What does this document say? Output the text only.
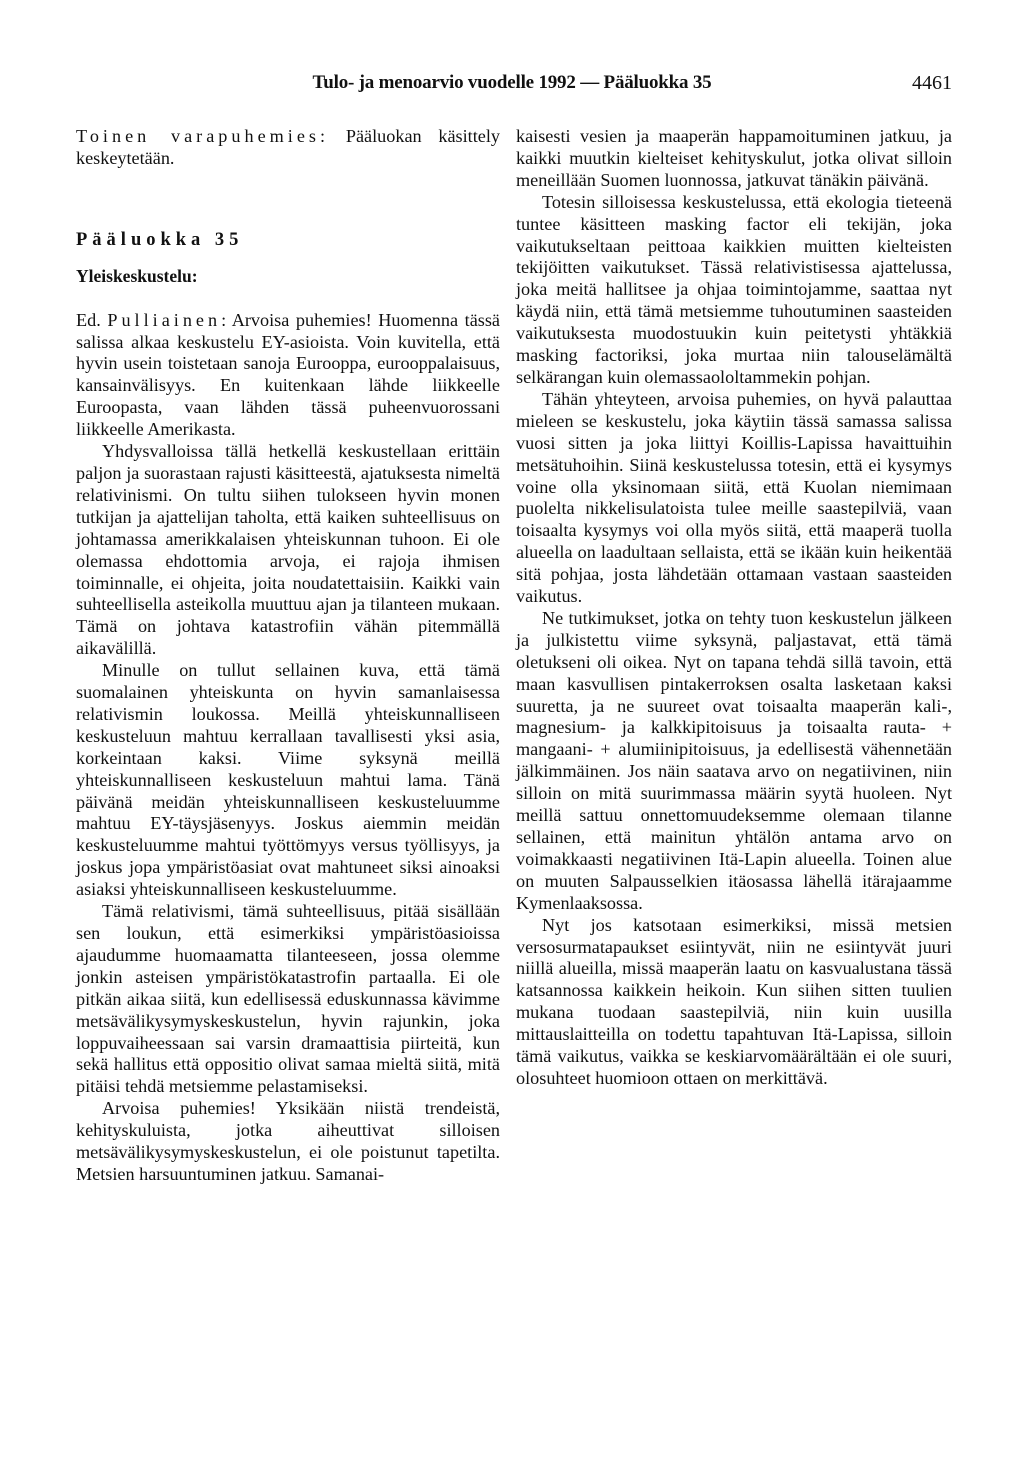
Tulo- ja menoarvio vuodelle 1992 — Pääluokka 35	4461

Toinen varapuhemies: Pääluokan käsittely keskeytetään.

Pääluokka 35
Yleiskeskustelu:

Ed. Pulliainen: Arvoisa puhemies! Huomenna tässä salissa alkaa keskustelu EY-asioista. Voin kuvitella, että hyvin usein toistetaan sanoja Eurooppa, eurooppalaisuus, kansainvälisyys. En kuitenkaan lähde liikkeelle Euroopasta, vaan lähden tässä puheenvuorossani liikkeelle Amerikasta.

Yhdysvalloissa tällä hetkellä keskustellaan erittäin paljon ja suorastaan rajusti käsitteestä, ajatuksesta nimeltä relativinismi. On tultu siihen tulokseen hyvin monen tutkijan ja ajattelijan taholta, että kaiken suhteellisuus on johtamassa amerikkalaisen yhteiskunnan tuhoon. Ei ole olemassa ehdottomia arvoja, ei rajoja ihmisen toiminnalle, ei ohjeita, joita noudatettaisiin. Kaikki vain suhteellisella asteikolla muuttuu ajan ja tilanteen mukaan. Tämä on johtava katastrofiin vähän pitemmällä aikavälillä.

Minulle on tullut sellainen kuva, että tämä suomalainen yhteiskunta on hyvin samanlaisessa relativismin loukossa. Meillä yhteiskunnalliseen keskusteluun mahtuu kerrallaan tavallisesti yksi asia, korkeintaan kaksi. Viime syksynä meillä yhteiskunnalliseen keskusteluun mahtui lama. Tänä päivänä meidän yhteiskunnalliseen keskusteluumme mahtuu EY-täysjäsenyys. Joskus aiemmin meidän keskusteluumme mahtui työttömyys versus työllisyys, ja joskus jopa ympäristöasiat ovat mahtuneet siksi ainoaksi asiaksi yhteiskunnalliseen keskusteluumme.

Tämä relativismi, tämä suhteellisuus, pitää sisällään sen loukun, että esimerkiksi ympäristöasioissa ajaudumme huomaamatta tilanteeseen, jossa olemme jonkin asteisen ympäristökatastrofin partaalla. Ei ole pitkän aikaa siitä, kun edellisessä eduskunnassa kävimme metsävälikysymyskeskustelun, hyvin rajunkin, joka loppuvaiheessaan sai varsin dramaattisia piirteitä, kun sekä hallitus että oppositio olivat samaa mieltä siitä, mitä pitäisi tehdä metsiemme pelastamiseksi.

Arvoisa puhemies! Yksikään niistä trendeistä, kehityskuluista, jotka aiheuttivat silloisen metsävälikysymyskeskustelun, ei ole poistunut tapetilta. Metsien harsuuntuminen jatkuu. Samanai-

kaisesti vesien ja maaperän happamoituminen jatkuu, ja kaikki muutkin kielteiset kehityskulut, jotka olivat silloin meneillään Suomen luonnossa, jatkuvat tänäkin päivänä.

Totesin silloisessa keskustelussa, että ekologia tieteenä tuntee käsitteen masking factor eli tekijän, joka vaikutukseltaan peittoaa kaikkien muitten kielteisten tekijöitten vaikutukset. Tässä relativistisessa ajattelussa, joka meitä hallitsee ja ohjaa toimintojamme, saattaa nyt käydä niin, että tämä metsiemme tuhoutuminen saasteiden vaikutuksesta muodostuukin kuin peitetysti yhtäkkiä masking factoriksi, joka murtaa niin talouselämältä selkärangan kuin olemassaololtammekin pohjan.

Tähän yhteyteen, arvoisa puhemies, on hyvä palauttaa mieleen se keskustelu, joka käytiin tässä samassa salissa vuosi sitten ja joka liittyi Koillis-Lapissa havaittuihin metsätuhoihin. Siinä keskustelussa totesin, että ei kysymys voine olla yksinomaan siitä, että Kuolan niemimaan puolelta nikkelisulatoista tulee meille saastepilviä, vaan toisaalta kysymys voi olla myös siitä, että maaperä tuolla alueella on laadultaan sellaista, että se ikään kuin heikentää sitä pohjaa, josta lähdetään ottamaan vastaan saasteiden vaikutus.

Ne tutkimukset, jotka on tehty tuon keskustelun jälkeen ja julkistettu viime syksynä, paljastavat, että tämä oletukseni oli oikea. Nyt on tapana tehdä sillä tavoin, että maan kasvullisen pintakerroksen osalta lasketaan kaksi suuretta, ja ne suureet ovat toisaalta maaperän kali-, magnesium- ja kalkkipitoisuus ja toisaalta rauta- + mangaani- + alumiinipitoisuus, ja edellisestä vähennetään jälkimmäinen. Jos näin saatava arvo on negatiivinen, niin silloin on mitä suurimmassa määrin syytä huoleen. Nyt meillä sattuu onnettomuudeksemme olemaan tilanne sellainen, että mainitun yhtälön antama arvo on voimakkaasti negatiivinen Itä-Lapin alueella. Toinen alue on muuten Salpausselkien itäosassa lähellä itärajaamme Kymenlaaksossa.

Nyt jos katsotaan esimerkiksi, missä metsien versosurmatapaukset esiintyvät, niin ne esiintyvät juuri niillä alueilla, missä maaperän laatu on kasvualustana tässä katsannossa kaikkein heikoin. Kun siihen sitten tuulien mukana tuodaan saastepilviä, niin kuin uusilla mittauslaitteilla on todettu tapahtuvan Itä-Lapissa, silloin tämä vaikutus, vaikka se keskiarvomäärältään ei ole suuri, olosuhteet huomioon ottaen on merkittävä.
